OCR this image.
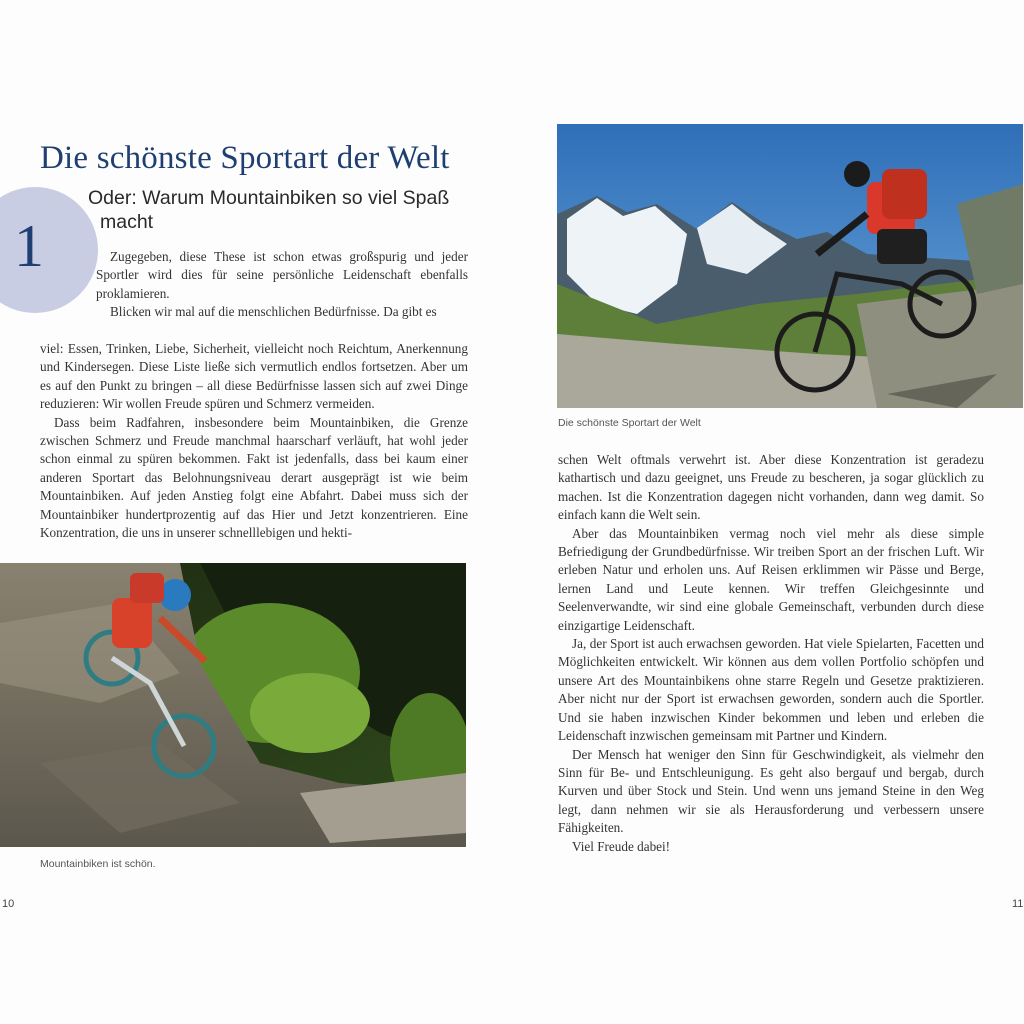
1
Die schönste Sportart der Welt
Oder: Warum Mountainbiken so viel Spaß
macht

Zugegeben, diese These ist schon etwas großspurig und jeder Sportler wird dies für seine persönliche Leidenschaft ebenfalls proklamieren.

Blicken wir mal auf die menschlichen Bedürfnisse. Da gibt es

viel: Essen, Trinken, Liebe, Sicherheit, vielleicht noch Reichtum, Anerkennung und Kindersegen. Diese Liste ließe sich vermutlich endlos fortsetzen. Aber um es auf den Punkt zu bringen – all diese Bedürfnisse lassen sich auf zwei Dinge reduzieren: Wir wollen Freude spüren und Schmerz vermeiden.

Dass beim Radfahren, insbesondere beim Mountainbiken, die Grenze zwischen Schmerz und Freude manchmal haarscharf verläuft, hat wohl jeder schon einmal zu spüren bekommen. Fakt ist jedenfalls, dass bei kaum einer anderen Sportart das Belohnungsniveau derart ausgeprägt ist wie beim Mountainbiken. Auf jeden Anstieg folgt eine Abfahrt. Dabei muss sich der Mountainbiker hundertprozentig auf das Hier und Jetzt konzentrieren. Eine Konzentration, die uns in unserer schnelllebigen und hekti-

Mountainbiken ist schön.
10
Die schönste Sportart der Welt

schen Welt oftmals verwehrt ist. Aber diese Konzentration ist geradezu kathartisch und dazu geeignet, uns Freude zu bescheren, ja sogar glücklich zu machen. Ist die Konzentration dagegen nicht vorhanden, dann weg damit. So einfach kann die Welt sein.

Aber das Mountainbiken vermag noch viel mehr als diese simple Befriedigung der Grundbedürfnisse. Wir treiben Sport an der frischen Luft. Wir erleben Natur und erholen uns. Auf Reisen erklimmen wir Pässe und Berge, lernen Land und Leute kennen. Wir treffen Gleichgesinnte und Seelenverwandte, wir sind eine globale Gemeinschaft, verbunden durch diese einzigartige Leidenschaft.

Ja, der Sport ist auch erwachsen geworden. Hat viele Spielarten, Facetten und Möglichkeiten entwickelt. Wir können aus dem vollen Portfolio schöpfen und unsere Art des Mountainbikens ohne starre Regeln und Gesetze praktizieren. Aber nicht nur der Sport ist erwachsen geworden, sondern auch die Sportler. Und sie haben inzwischen Kinder bekommen und leben und erleben die Leidenschaft inzwischen gemeinsam mit Partner und Kindern.

Der Mensch hat weniger den Sinn für Geschwindigkeit, als vielmehr den Sinn für Be- und Entschleunigung. Es geht also bergauf und bergab, durch Kurven und über Stock und Stein. Und wenn uns jemand Steine in den Weg legt, dann nehmen wir sie als Herausforderung und verbessern unsere Fähigkeiten.

Viel Freude dabei!

11
